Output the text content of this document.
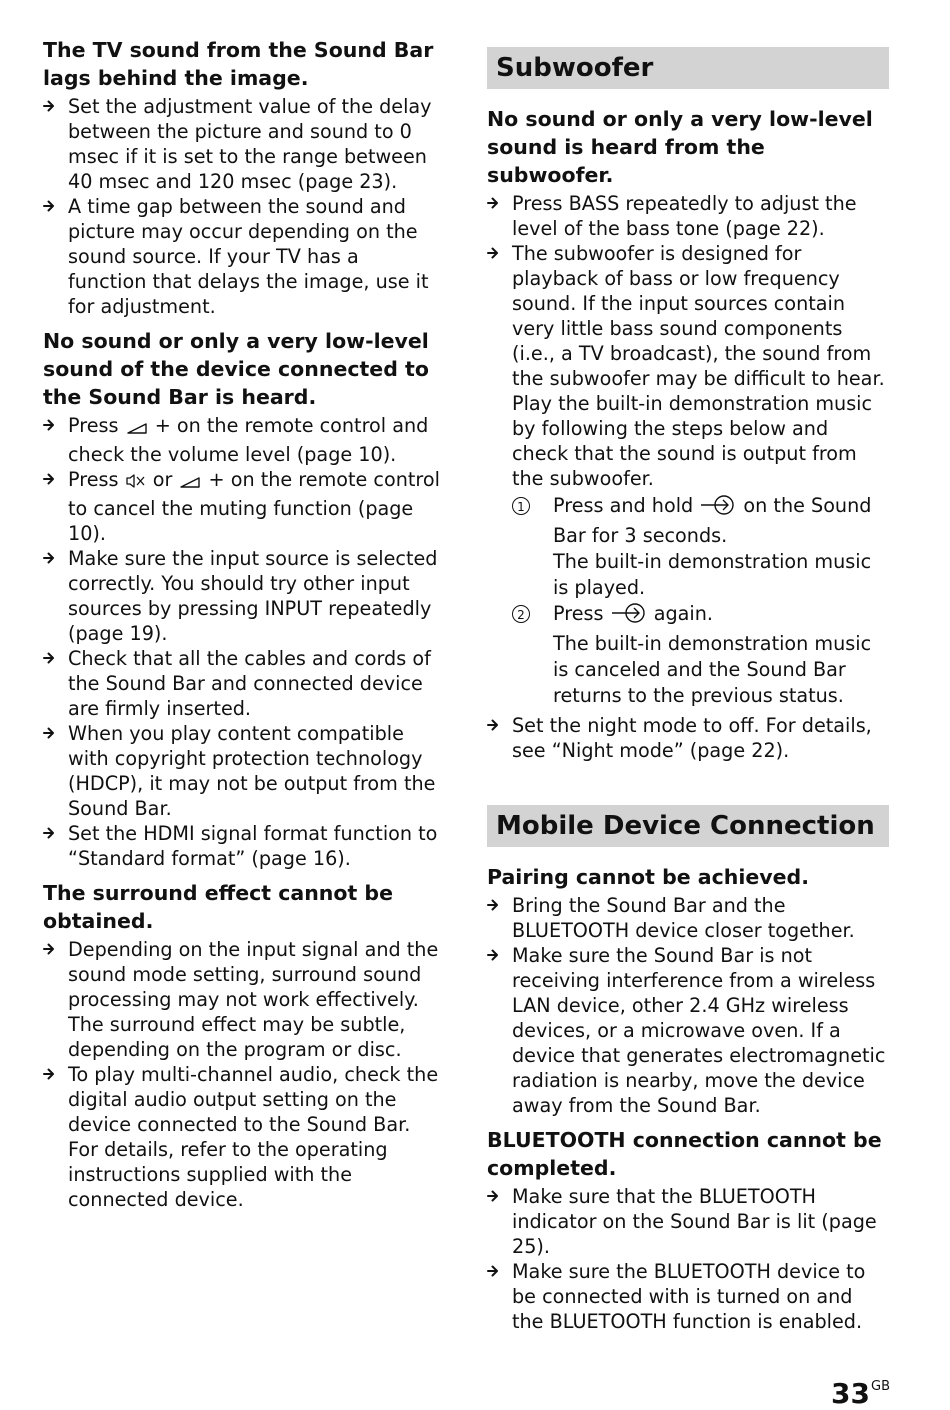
The TV sound from the Sound Bar lags behind the image.

Set the adjustment value of the delay between the picture and sound to 0 msec if it is set to the range between 40 msec and 120 msec (page 23).
A time gap between the sound and picture may occur depending on the sound source. If your TV has a function that delays the image, use it for adjustment.

No sound or only a very low-level sound of the device connected to the Sound Bar is heard.

Press  + on the remote control and check the volume level (page 10).
Press  or  + on the remote control to cancel the muting function (page 10).
Make sure the input source is selected correctly. You should try other input sources by pressing INPUT repeatedly (page 19).
Check that all the cables and cords of the Sound Bar and connected device are firmly inserted.
When you play content compatible with copyright protection technology (HDCP), it may not be output from the Sound Bar.
Set the HDMI signal format function to “Standard format” (page 16).

The surround effect cannot be obtained.

Depending on the input signal and the sound mode setting, surround sound processing may not work effectively. The surround effect may be subtle, depending on the program or disc.
To play multi-channel audio, check the digital audio output setting on the device connected to the Sound Bar. For details, refer to the operating instructions supplied with the connected device.
Subwoofer

No sound or only a very low-level sound is heard from the subwoofer.

Press BASS repeatedly to adjust the level of the bass tone (page 22).
The subwoofer is designed for playback of bass or low frequency sound. If the input sources contain very little bass sound components (i.e., a TV broadcast), the sound from the subwoofer may be difficult to hear. Play the built-in demonstration music by following the steps below and check that the sound is output from the subwoofer.
1 Press and hold  on the Sound Bar for 3 seconds.
The built-in demonstration music is played.
2 Press  again.
The built-in demonstration music is canceled and the Sound Bar returns to the previous status.
Set the night mode to off. For details, see “Night mode” (page 22).
Mobile Device Connection

Pairing cannot be achieved.

Bring the Sound Bar and the BLUETOOTH device closer together.
Make sure the Sound Bar is not receiving interference from a wireless LAN device, other 2.4 GHz wireless devices, or a microwave oven. If a device that generates electromagnetic radiation is nearby, move the device away from the Sound Bar.

BLUETOOTH connection cannot be completed.

Make sure that the BLUETOOTH indicator on the Sound Bar is lit (page 25).
Make sure the BLUETOOTH device to be connected with is turned on and the BLUETOOTH function is enabled.
$33^{GB}$
